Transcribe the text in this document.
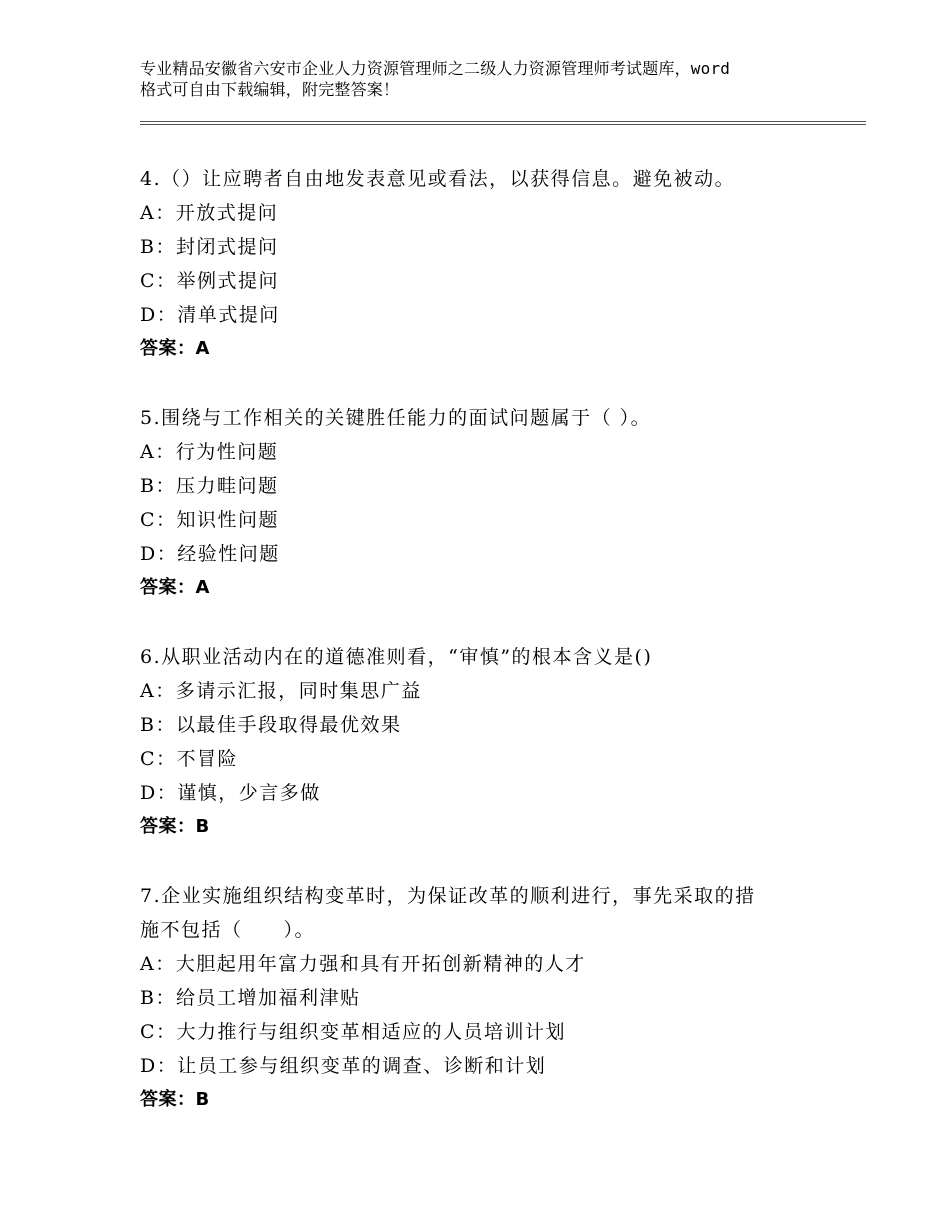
专业精品安徽省六安市企业人力资源管理师之二级人力资源管理师考试题库，word
格式可自由下载编辑，附完整答案！
4.（）让应聘者自由地发表意见或看法，以获得信息。避免被动。
A：开放式提问
B：封闭式提问
C：举例式提问
D：清单式提问
答案：A
5.围绕与工作相关的关键胜任能力的面试问题属于（ ）。
A：行为性问题
B：压力畦问题
C：知识性问题
D：经验性问题
答案：A
6.从职业活动内在的道德准则看，“审慎”的根本含义是()
A：多请示汇报，同时集思广益
B：以最佳手段取得最优效果
C：不冒险
D：谨慎，少言多做
答案：B
7.企业实施组织结构变革时，为保证改革的顺利进行，事先采取的措
施不包括（　　）。
A：大胆起用年富力强和具有开拓创新精神的人才
B：给员工增加福利津贴
C：大力推行与组织变革相适应的人员培训计划
D：让员工参与组织变革的调查、诊断和计划
答案：B
